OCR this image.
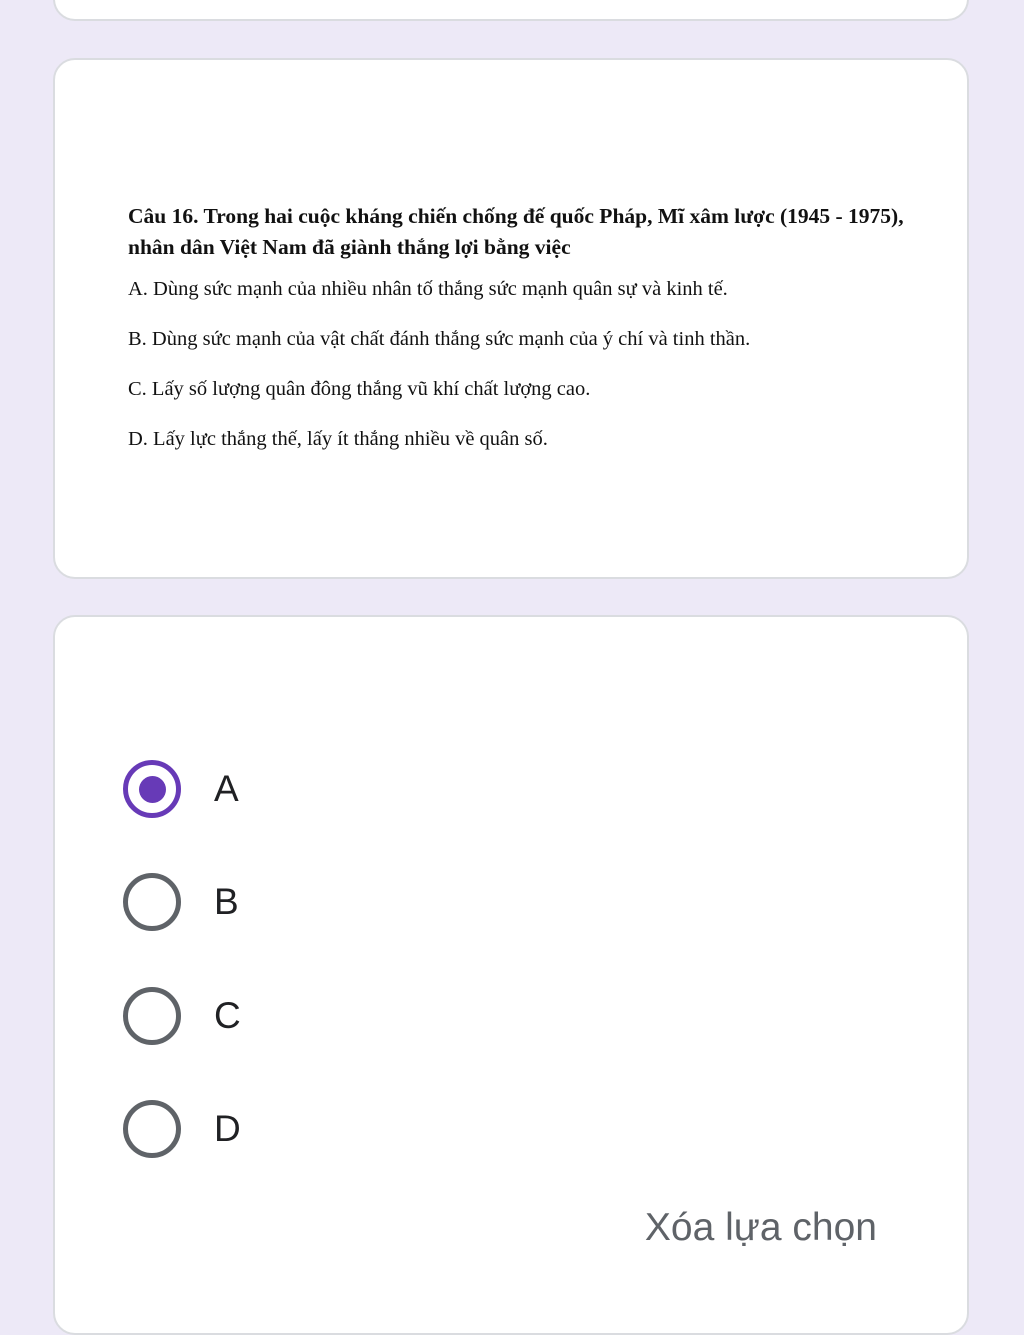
Câu 16. Trong hai cuộc kháng chiến chống đế quốc Pháp, Mĩ xâm lược (1945 - 1975), nhân dân Việt Nam đã giành thắng lợi bằng việc

A. Dùng sức mạnh của nhiều nhân tố thắng sức mạnh quân sự và kinh tế.

B. Dùng sức mạnh của vật chất đánh thắng sức mạnh của ý chí và tinh thần.

C. Lấy số lượng quân đông thắng vũ khí chất lượng cao.

D. Lấy lực thắng thế, lấy ít thắng nhiều về quân số.

A
B
C
D
Xóa lựa chọn
